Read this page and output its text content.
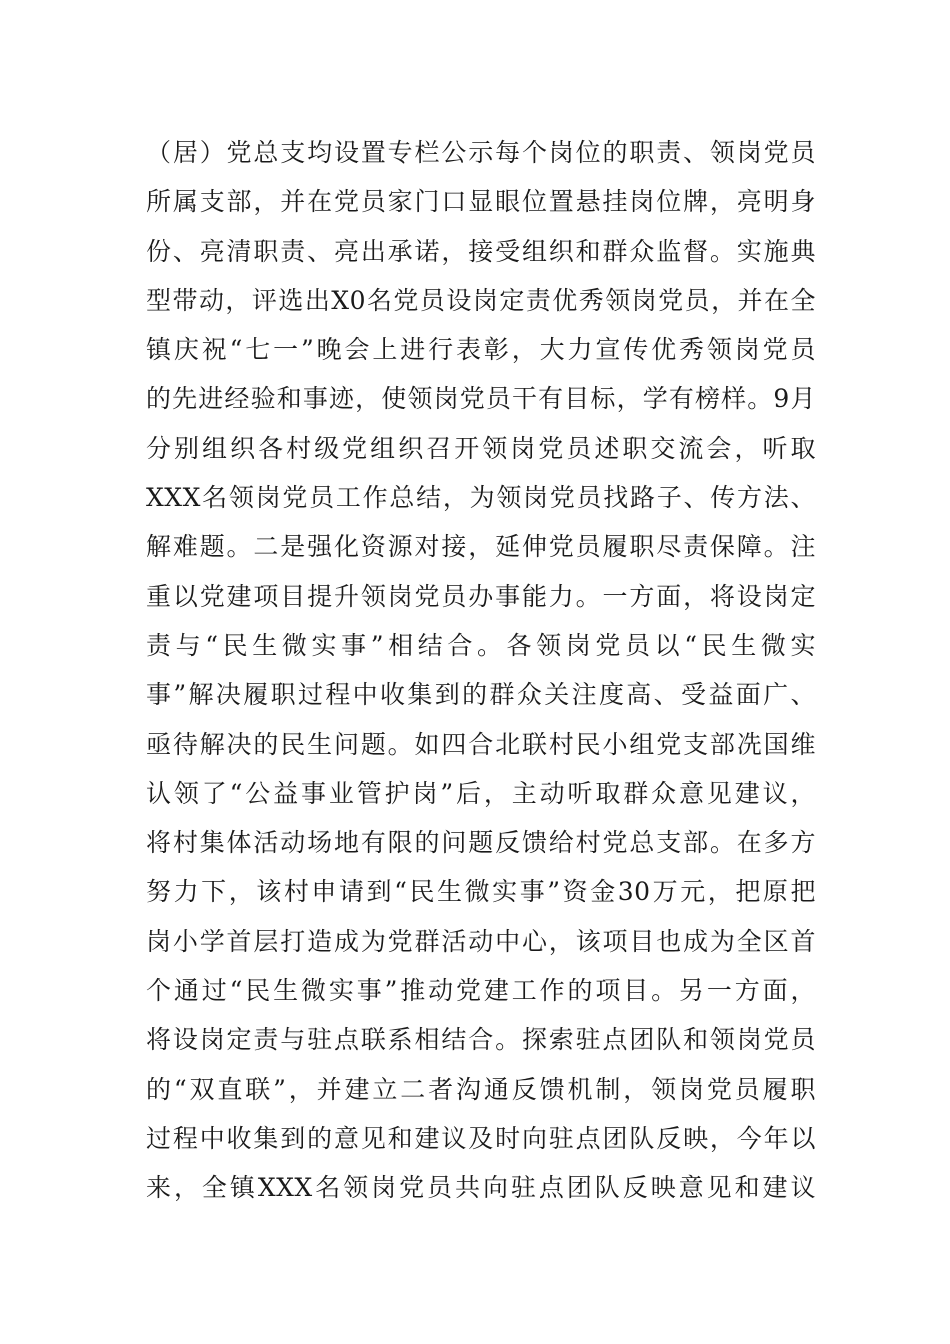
（居）党总支均设置专栏公示每个岗位的职责、领岗党员
所属支部，并在党员家门口显眼位置悬挂岗位牌，亮明身
份、亮清职责、亮出承诺，接受组织和群众监督。实施典
型带动，评选出X0名党员设岗定责优秀领岗党员，并在全
镇庆祝“七一”晚会上进行表彰，大力宣传优秀领岗党员
的先进经验和事迹，使领岗党员干有目标，学有榜样。9月
分别组织各村级党组织召开领岗党员述职交流会，听取
XXX名领岗党员工作总结，为领岗党员找路子、传方法、
解难题。二是强化资源对接，延伸党员履职尽责保障。注
重以党建项目提升领岗党员办事能力。一方面，将设岗定
责与“民生微实事”相结合。各领岗党员以“民生微实
事”解决履职过程中收集到的群众关注度高、受益面广、
亟待解决的民生问题。如四合北联村民小组党支部冼国维
认领了“公益事业管护岗”后，主动听取群众意见建议，
将村集体活动场地有限的问题反馈给村党总支部。在多方
努力下，该村申请到“民生微实事”资金30万元，把原把
岗小学首层打造成为党群活动中心，该项目也成为全区首
个通过“民生微实事”推动党建工作的项目。另一方面，
将设岗定责与驻点联系相结合。探索驻点团队和领岗党员
的“双直联”，并建立二者沟通反馈机制，领岗党员履职
过程中收集到的意见和建议及时向驻点团队反映，今年以
来，全镇XXX名领岗党员共向驻点团队反映意见和建议
